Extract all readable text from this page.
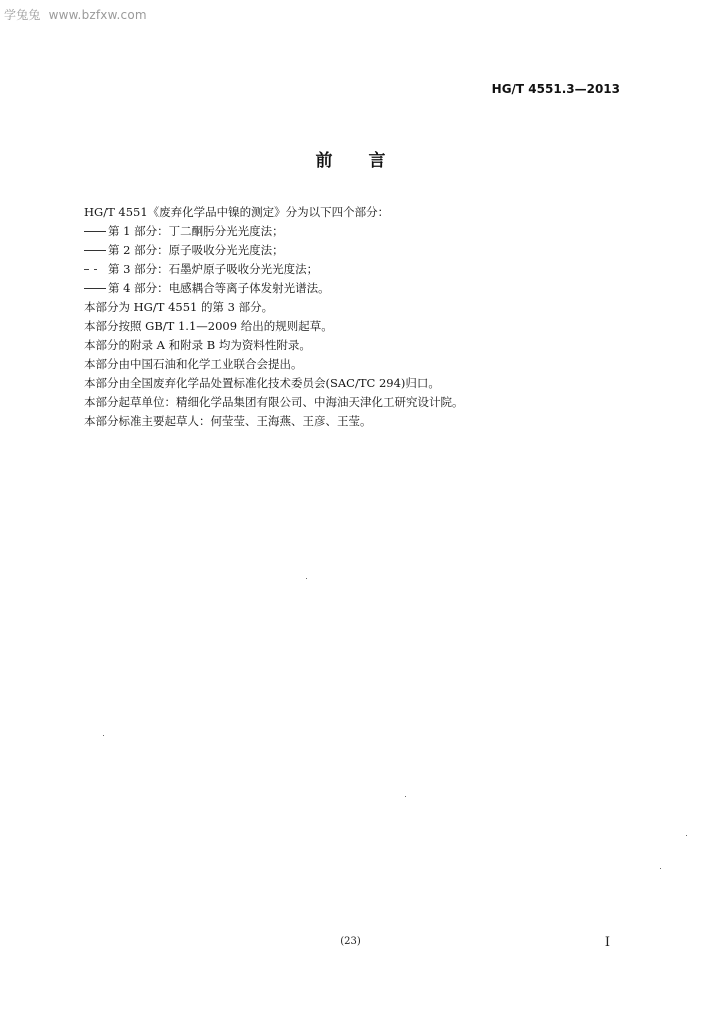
学兔兔 www.bzfxw.com
HG/T 4551.3—2013
前言
HG/T 4551《废弃化学品中镍的测定》分为以下四个部分：
第 1 部分：丁二酮肟分光光度法；
第 2 部分：原子吸收分光光度法；
第 3 部分：石墨炉原子吸收分光光度法；
第 4 部分：电感耦合等离子体发射光谱法。
本部分为 HG/T 4551 的第 3 部分。
本部分按照 GB/T 1.1—2009 给出的规则起草。
本部分的附录 A 和附录 B 均为资料性附录。
本部分由中国石油和化学工业联合会提出。
本部分由全国废弃化学品处置标准化技术委员会(SAC/TC 294)归口。
本部分起草单位：精细化学品集团有限公司、中海油天津化工研究设计院。
本部分标准主要起草人：何莹莹、王海燕、王彦、王莹。
(23)	I
